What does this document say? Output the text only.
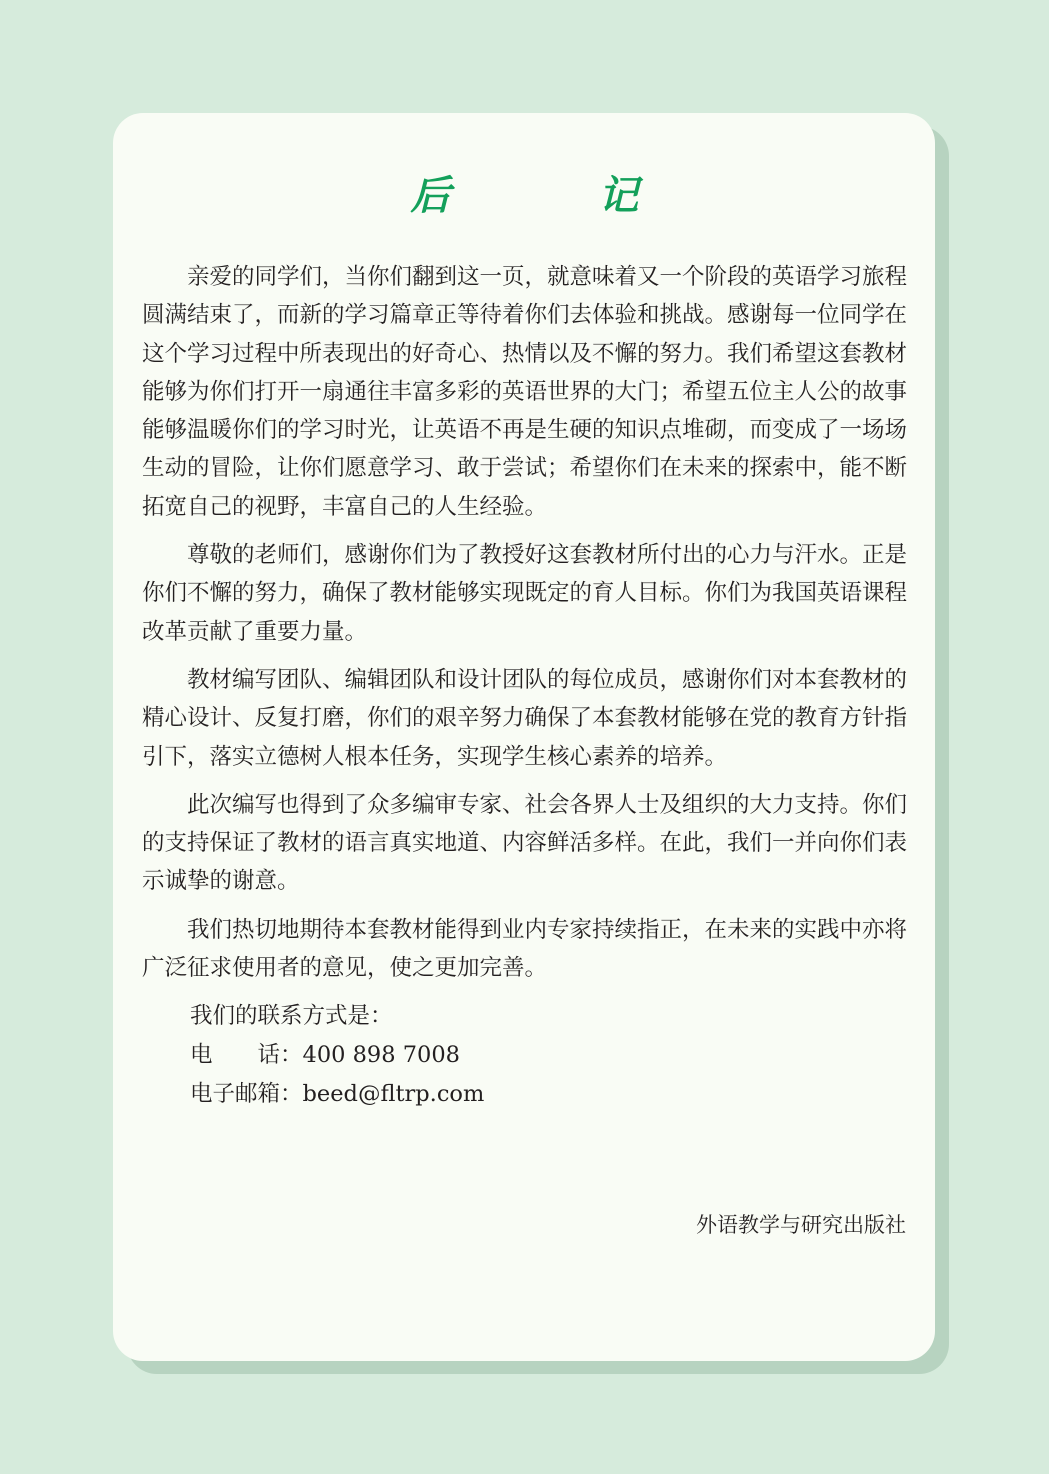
后　记

亲爱的同学们，当你们翻到这一页，就意味着又一个阶段的英语学习旅程圆满结束了，而新的学习篇章正等待着你们去体验和挑战。感谢每一位同学在这个学习过程中所表现出的好奇心、热情以及不懈的努力。我们希望这套教材能够为你们打开一扇通往丰富多彩的英语世界的大门；希望五位主人公的故事能够温暖你们的学习时光，让英语不再是生硬的知识点堆砌，而变成了一场场生动的冒险，让你们愿意学习、敢于尝试；希望你们在未来的探索中，能不断拓宽自己的视野，丰富自己的人生经验。

尊敬的老师们，感谢你们为了教授好这套教材所付出的心力与汗水。正是你们不懈的努力，确保了教材能够实现既定的育人目标。你们为我国英语课程改革贡献了重要力量。

教材编写团队、编辑团队和设计团队的每位成员，感谢你们对本套教材的精心设计、反复打磨，你们的艰辛努力确保了本套教材能够在党的教育方针指引下，落实立德树人根本任务，实现学生核心素养的培养。

此次编写也得到了众多编审专家、社会各界人士及组织的大力支持。你们的支持保证了教材的语言真实地道、内容鲜活多样。在此，我们一并向你们表示诚挚的谢意。

我们热切地期待本套教材能得到业内专家持续指正，在未来的实践中亦将广泛征求使用者的意见，使之更加完善。

我们的联系方式是：
电　　话：400 898 7008
电子邮箱：beed@fltrp.com
外语教学与研究出版社
